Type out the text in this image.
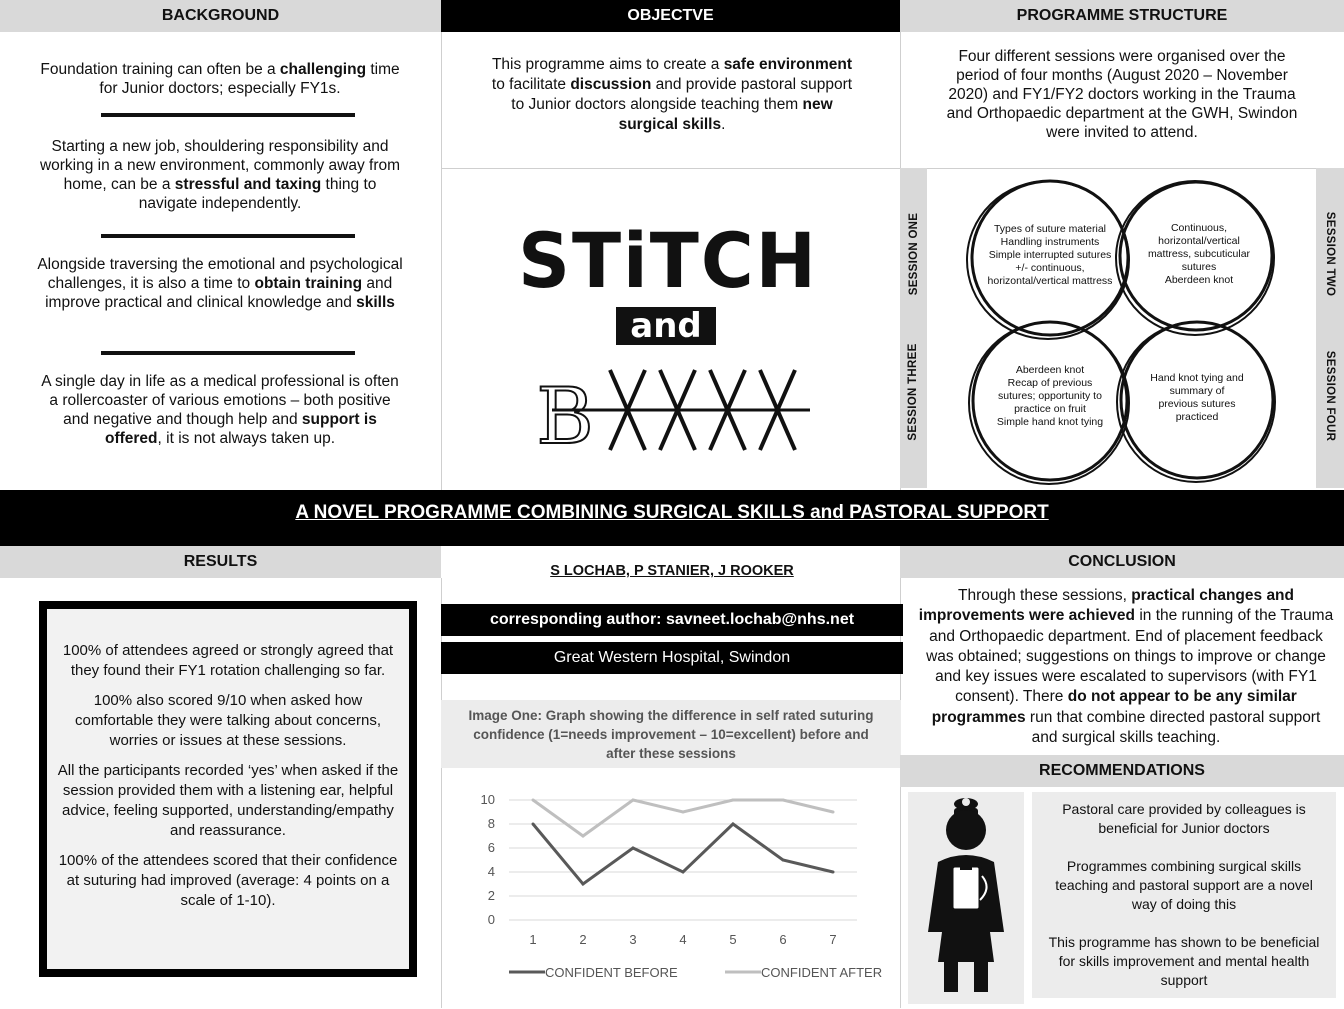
BACKGROUND
Foundation training can often be a challenging time for Junior doctors; especially FY1s.
Starting a new job, shouldering responsibility and working in a new environment, commonly away from home, can be a stressful and taxing thing to navigate independently.
Alongside traversing the emotional and psychological challenges, it is also a time to obtain training and improve practical and clinical knowledge and skills
A single day in life as a medical professional is often a rollercoaster of various emotions – both positive and negative and though help and support is offered, it is not always taken up.
OBJECTVE
This programme aims to create a safe environment to facilitate discussion and provide pastoral support to Junior doctors alongside teaching them new surgical skills.
STiTCH
and
B
PROGRAMME STRUCTURE
Four different sessions were organised over the period of four months (August 2020 – November 2020) and FY1/FY2 doctors working in the Trauma and Orthopaedic department at the GWH, Swindon were invited to attend.
SESSION ONE
SESSION THREE
SESSION TWO
SESSION FOUR
Types of suture material
Handling instruments
Simple interrupted sutures
+/- continuous, horizontal/vertical mattress
Continuous, horizontal/vertical mattress, subcuticular sutures
Aberdeen knot
Aberdeen knot
Recap of previous sutures; opportunity to practice on fruit
Simple hand knot tying
Hand knot tying and summary of previous sutures practiced
A NOVEL PROGRAMME COMBINING SURGICAL SKILLS and PASTORAL SUPPORT
RESULTS

100% of attendees agreed or strongly agreed that they found their FY1 rotation challenging so far.

100% also scored 9/10 when asked how comfortable they were talking about concerns, worries or issues at these sessions.

All the participants recorded ‘yes’ when asked if the session provided them with a listening ear, helpful advice, feeling supported, understanding/empathy and reassurance.

100% of the attendees scored that their confidence at suturing had improved (average: 4 points on a scale of 1-10).

S LOCHAB, P STANIER, J ROOKER
corresponding author: savneet.lochab@nhs.net
Great Western Hospital, Swindon
Image One: Graph showing the difference in self rated suturing confidence (1=needs improvement – 10=excellent) before and after these sessions
0
2
4
6
8
10
1	2	3	4	5	6	7
CONFIDENT BEFORE	CONFIDENT AFTER
CONCLUSION
Through these sessions, practical changes and improvements were achieved in the running of the Trauma and Orthopaedic department. End of placement feedback was obtained; suggestions on things to improve or change and key issues were escalated to supervisors (with FY1 consent). There do not appear to be any similar programmes run that combine directed pastoral support and surgical skills teaching.
RECOMMENDATIONS

Pastoral care provided by colleagues is beneficial for Junior doctors

Programmes combining surgical skills teaching and pastoral support are a novel way of doing this

This programme has shown to be beneficial for skills improvement and mental health support
